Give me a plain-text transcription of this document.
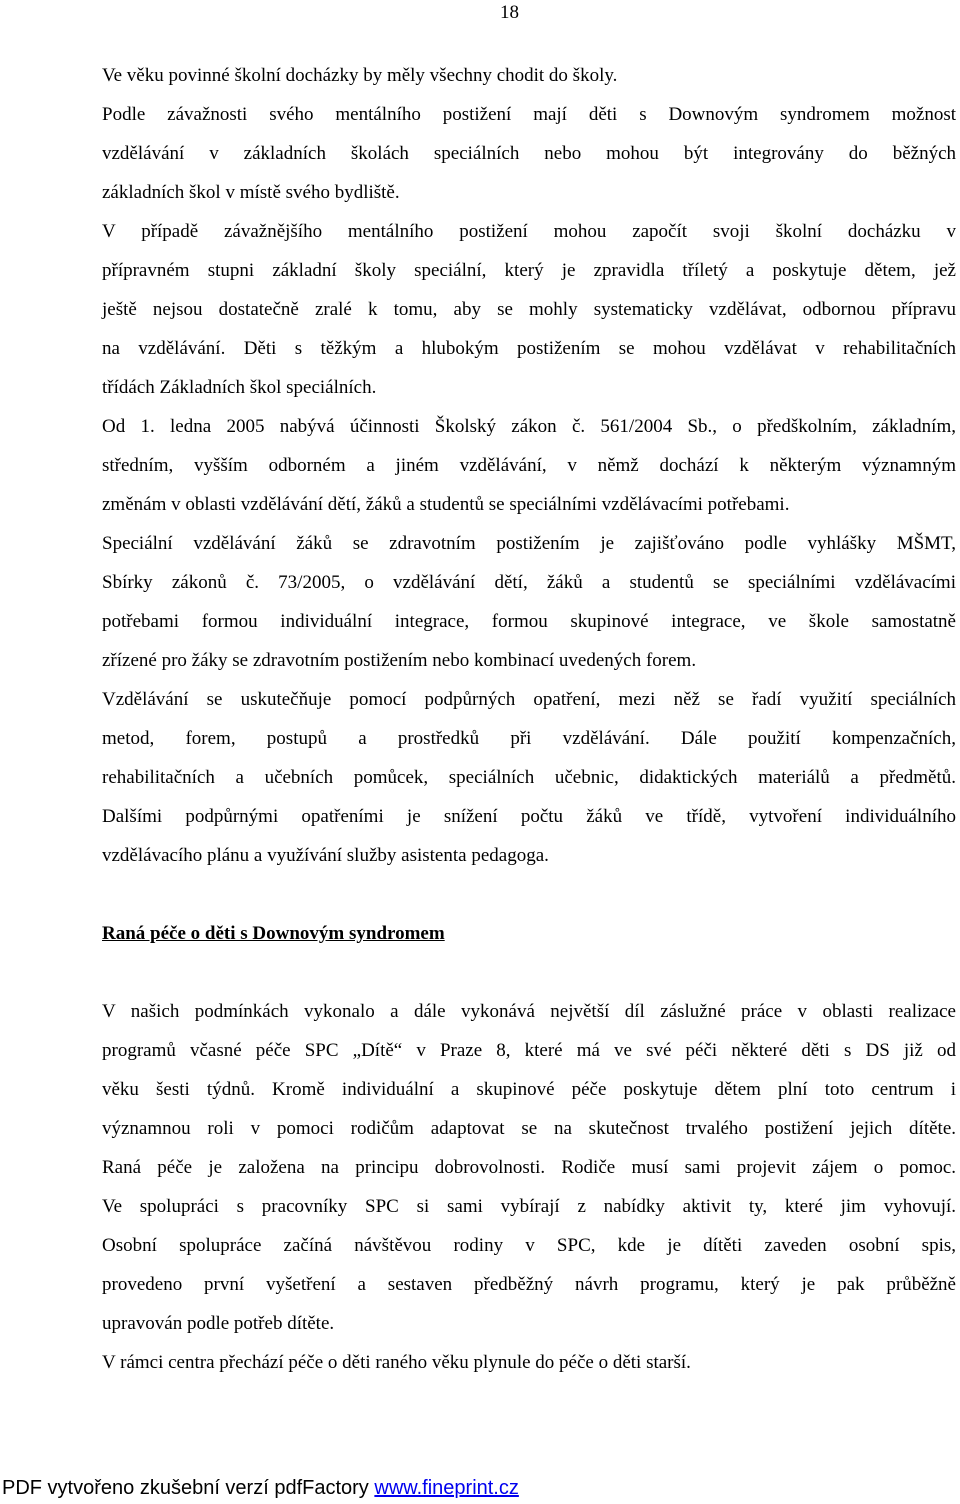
18
Ve věku povinné školní docházky by měly všechny chodit do školy.
Podle závažnosti svého mentálního postižení mají děti s Downovým syndromem možnost
vzdělávání v základních školách speciálních nebo mohou být integrovány do běžných
základních škol v místě svého bydliště.
V případě závažnějšího mentálního postižení mohou započít svoji školní docházku v
přípravném stupni základní školy speciální, který je zpravidla tříletý a poskytuje dětem, jež
ještě nejsou dostatečně zralé k tomu, aby se mohly systematicky vzdělávat, odbornou přípravu
na vzdělávání. Děti s těžkým a hlubokým postižením se mohou vzdělávat v rehabilitačních
třídách Základních škol speciálních.
Od 1. ledna 2005 nabývá účinnosti Školský zákon č. 561/2004 Sb., o předškolním, základním,
středním, vyšším odborném a jiném vzdělávání, v němž dochází k některým významným
změnám v oblasti vzdělávání dětí, žáků a studentů se speciálními vzdělávacími potřebami.
Speciální vzdělávání žáků se zdravotním postižením je zajišťováno podle vyhlášky MŠMT,
Sbírky zákonů č. 73/2005, o vzdělávání dětí, žáků a studentů se speciálními vzdělávacími
potřebami formou individuální integrace, formou skupinové integrace, ve škole samostatně
zřízené pro žáky se zdravotním postižením nebo kombinací uvedených forem.
Vzdělávání se uskutečňuje pomocí podpůrných opatření, mezi něž se řadí využití speciálních
metod, forem, postupů a prostředků při vzdělávání. Dále použití kompenzačních,
rehabilitačních a učebních pomůcek, speciálních učebnic, didaktických materiálů a předmětů.
Dalšími podpůrnými opatřeními je snížení počtu žáků ve třídě, vytvoření individuálního
vzdělávacího plánu a využívání služby asistenta pedagoga.
Raná péče o děti s Downovým syndromem
V našich podmínkách vykonalo a dále vykonává největší díl záslužné práce v oblasti realizace
programů včasné péče SPC „Dítě“ v Praze 8, které má ve své péči některé děti s DS již od
věku šesti týdnů. Kromě individuální a skupinové péče poskytuje dětem plní toto centrum i
významnou roli v pomoci rodičům adaptovat se na skutečnost trvalého postižení jejich dítěte.
Raná péče je založena na principu dobrovolnosti. Rodiče musí sami projevit zájem o pomoc.
Ve spolupráci s pracovníky SPC si sami vybírají z nabídky aktivit ty, které jim vyhovují.
Osobní spolupráce začíná návštěvou rodiny v SPC, kde je dítěti zaveden osobní spis,
provedeno první vyšetření a sestaven předběžný návrh programu, který je pak průběžně
upravován podle potřeb dítěte.
V rámci centra přechází péče o děti raného věku plynule do péče o děti starší.
PDF vytvořeno zkušební verzí pdfFactory www.fineprint.cz
